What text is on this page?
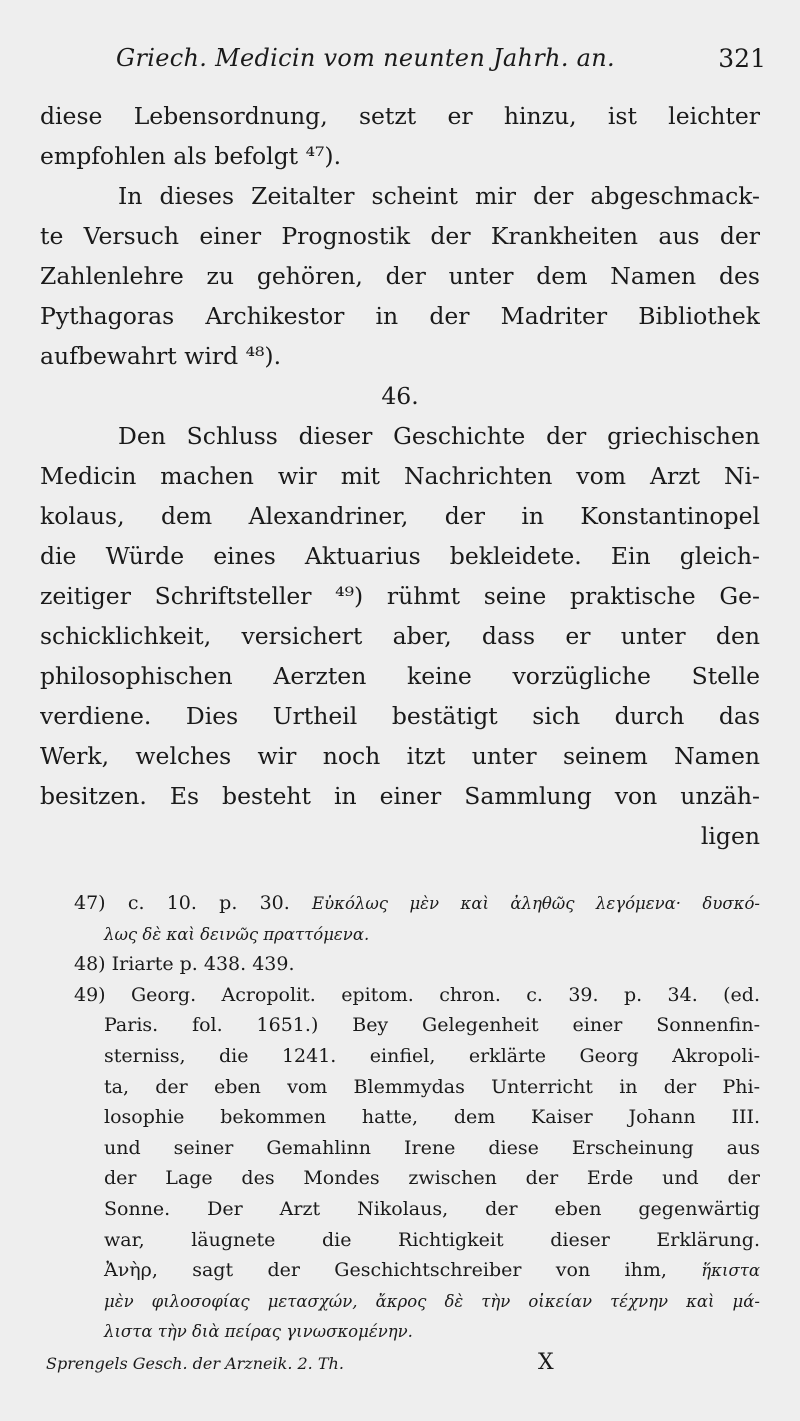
Griech. Medicin vom neunten Jahrh. an.	321
diese Lebensordnung, setzt er hinzu, ist leichter
empfohlen als befolgt ⁴⁷).
In dieses Zeitalter scheint mir der abgeschmack-
te Versuch einer Prognostik der Krankheiten aus der
Zahlenlehre zu gehören, der unter dem Namen des
Pythagoras Archikestor in der Madriter Bibliothek
aufbewahrt wird ⁴⁸).
46.
Den Schluss dieser Geschichte der griechischen
Medicin machen wir mit Nachrichten vom Arzt Ni-
kolaus, dem Alexandriner, der in Konstantinopel
die Würde eines Aktuarius bekleidete. Ein gleich-
zeitiger Schriftsteller ⁴⁹) rühmt seine praktische Ge-
schicklichkeit, versichert aber, dass er unter den
philosophischen Aerzten keine vorzügliche Stelle
verdiene. Dies Urtheil bestätigt sich durch das
Werk, welches wir noch itzt unter seinem Namen
besitzen. Es besteht in einer Sammlung von unzäh-
ligen
47) c. 10. p. 30. Εὐκόλως μὲν καὶ ἀληθῶς λεγόμενα· δυσκό-
λως δὲ καὶ δεινῶς πραττόμενα.
48) Iriarte p. 438. 439.
49) Georg. Acropolit. epitom. chron. c. 39. p. 34. (ed.
Paris. fol. 1651.) Bey Gelegenheit einer Sonnenfin-
sterniss, die 1241. einfiel, erklärte Georg Akropoli-
ta, der eben vom Blemmydas Unterricht in der Phi-
losophie bekommen hatte, dem Kaiser Johann III.
und seiner Gemahlinn Irene diese Erscheinung aus
der Lage des Mondes zwischen der Erde und der
Sonne. Der Arzt Nikolaus, der eben gegenwärtig
war, läugnete die Richtigkeit dieser Erklärung.
Ἀνὴρ, sagt der Geschichtschreiber von ihm, ἥκιστα
μὲν φιλοσοφίας μετασχών, ἄκρος δὲ τὴν οἰκείαν τέχνην καὶ μά-
λιστα τὴν διὰ πείρας γινωσκομένην.
Sprengels Gesch. der Arzneik. 2. Th.	X
